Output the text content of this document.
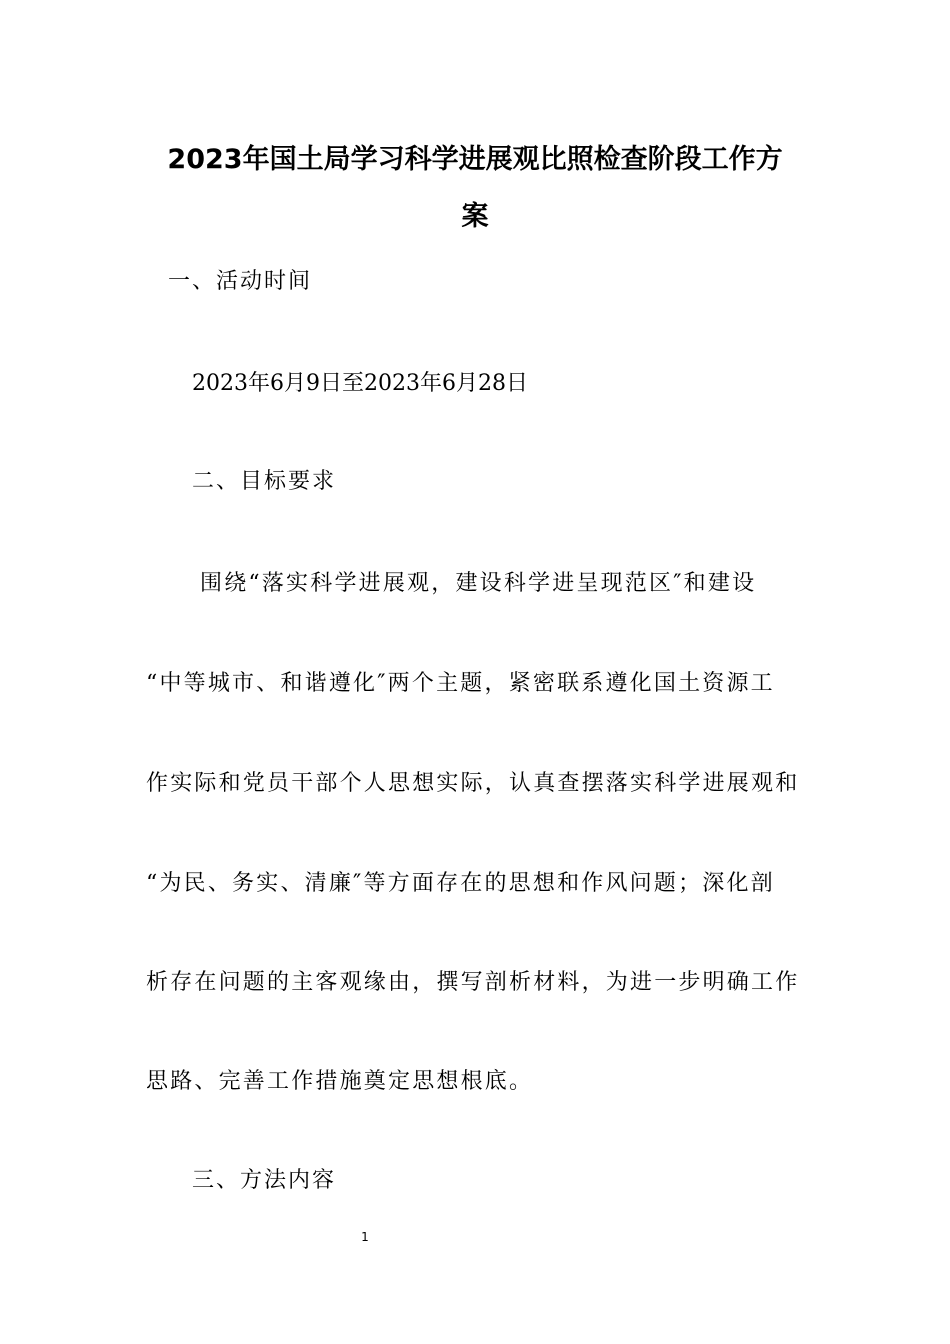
2023年国土局学习科学进展观比照检查阶段工作方
案
一、活动时间
2023年6月9日至2023年6月28日
二、目标要求
围绕“落实科学进展观，建设科学进呈现范区″和建设
“中等城市、和谐遵化″两个主题，紧密联系遵化国土资源工
作实际和党员干部个人思想实际，认真查摆落实科学进展观和
“为民、务实、清廉″等方面存在的思想和作风问题；深化剖
析存在问题的主客观缘由，撰写剖析材料，为进一步明确工作
思路、完善工作措施奠定思想根底。
三、方法内容
1
